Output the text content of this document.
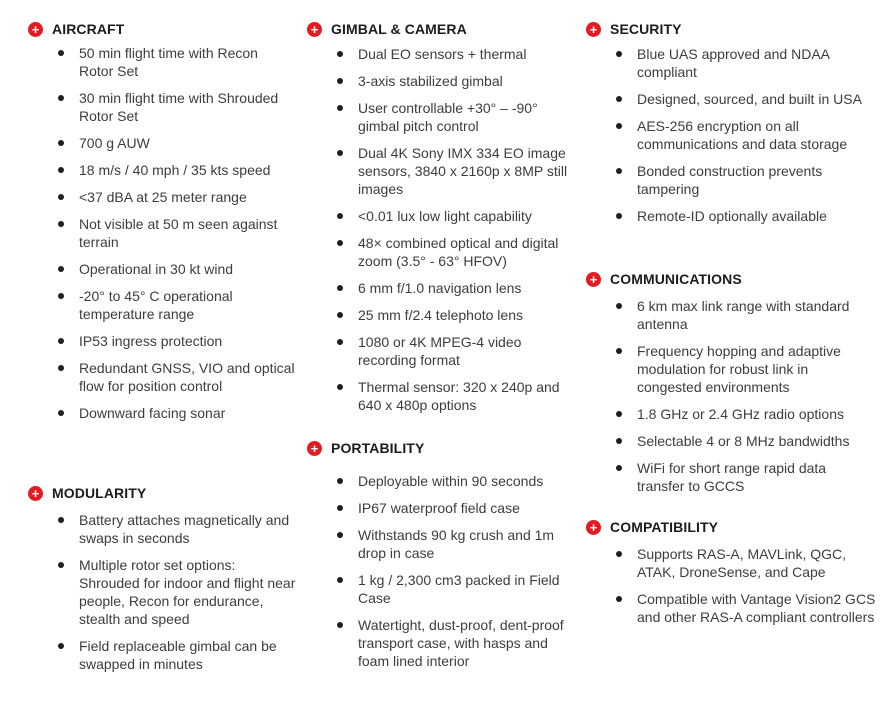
+ AIRCRAFT
50 min flight time with Recon Rotor Set
30 min flight time with Shrouded Rotor Set
700 g AUW
18 m/s / 40 mph / 35 kts speed
<37 dBA at 25 meter range
Not visible at 50 m seen against terrain
Operational in 30 kt wind
-20° to 45° C operational temperature range
IP53 ingress protection
Redundant GNSS, VIO and optical flow for position control
Downward facing sonar
+ MODULARITY
Battery attaches magnetically and swaps in seconds
Multiple rotor set options: Shrouded for indoor and flight near people, Recon for endurance, stealth and speed
Field replaceable gimbal can be swapped in minutes
+ GIMBAL & CAMERA
Dual EO sensors + thermal
3-axis stabilized gimbal
User controllable +30° – -90° gimbal pitch control
Dual 4K Sony IMX 334 EO image sensors, 3840 x 2160p x 8MP still images
<0.01 lux low light capability
48× combined optical and digital zoom (3.5° - 63° HFOV)
6 mm f/1.0 navigation lens
25 mm f/2.4 telephoto lens
1080 or 4K MPEG-4 video recording format
Thermal sensor: 320 x 240p and 640 x 480p options
+ PORTABILITY
Deployable within 90 seconds
IP67 waterproof field case
Withstands 90 kg crush and 1m drop in case
1 kg / 2,300 cm3 packed in Field Case
Watertight, dust-proof, dent-proof transport case, with hasps and foam lined interior
+ SECURITY
Blue UAS approved and NDAA compliant
Designed, sourced, and built in USA
AES-256 encryption on all communications and data storage
Bonded construction prevents tampering
Remote-ID optionally available
+ COMMUNICATIONS
6 km max link range with standard antenna
Frequency hopping and adaptive modulation for robust link in congested environments
1.8 GHz or 2.4 GHz radio options
Selectable 4 or 8 MHz bandwidths
WiFi for short range rapid data transfer to GCCS
+ COMPATIBILITY
Supports RAS-A, MAVLink, QGC, ATAK, DroneSense, and Cape
Compatible with Vantage Vision2 GCS and other RAS-A compliant controllers
